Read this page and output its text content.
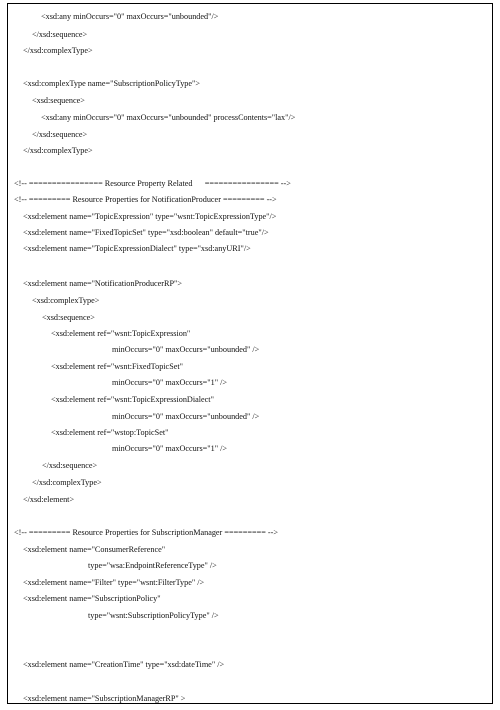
<xsd:any minOccurs="0" maxOccurs="unbounded"/>
</xsd:sequence>
</xsd:complexType>
<xsd:complexType name="SubscriptionPolicyType">
<xsd:sequence>
<xsd:any minOccurs="0" maxOccurs="unbounded" processContents="lax"/>
</xsd:sequence>
</xsd:complexType>
<!-- ================ Resource Property Related      ================ -->
<!-- ========= Resource Properties for NotificationProducer ========= -->
<xsd:element name="TopicExpression" type="wsnt:TopicExpressionType"/>
<xsd:element name="FixedTopicSet" type="xsd:boolean" default="true"/>
<xsd:element name="TopicExpressionDialect" type="xsd:anyURI"/>
<xsd:element name="NotificationProducerRP">
<xsd:complexType>
<xsd:sequence>
<xsd:element ref="wsnt:TopicExpression"
minOccurs="0" maxOccurs="unbounded" />
<xsd:element ref="wsnt:FixedTopicSet"
minOccurs="0" maxOccurs="1" />
<xsd:element ref="wsnt:TopicExpressionDialect"
minOccurs="0" maxOccurs="unbounded" />
<xsd:element ref="wstop:TopicSet"
minOccurs="0" maxOccurs="1" />
</xsd:sequence>
</xsd:complexType>
</xsd:element>
<!-- ========= Resource Properties for SubscriptionManager ========= -->
<xsd:element name="ConsumerReference"
type="wsa:EndpointReferenceType" />
<xsd:element name="Filter" type="wsnt:FilterType" />
<xsd:element name="SubscriptionPolicy"
type="wsnt:SubscriptionPolicyType" />
<xsd:element name="CreationTime" type="xsd:dateTime" />
<xsd:element name="SubscriptionManagerRP" >
